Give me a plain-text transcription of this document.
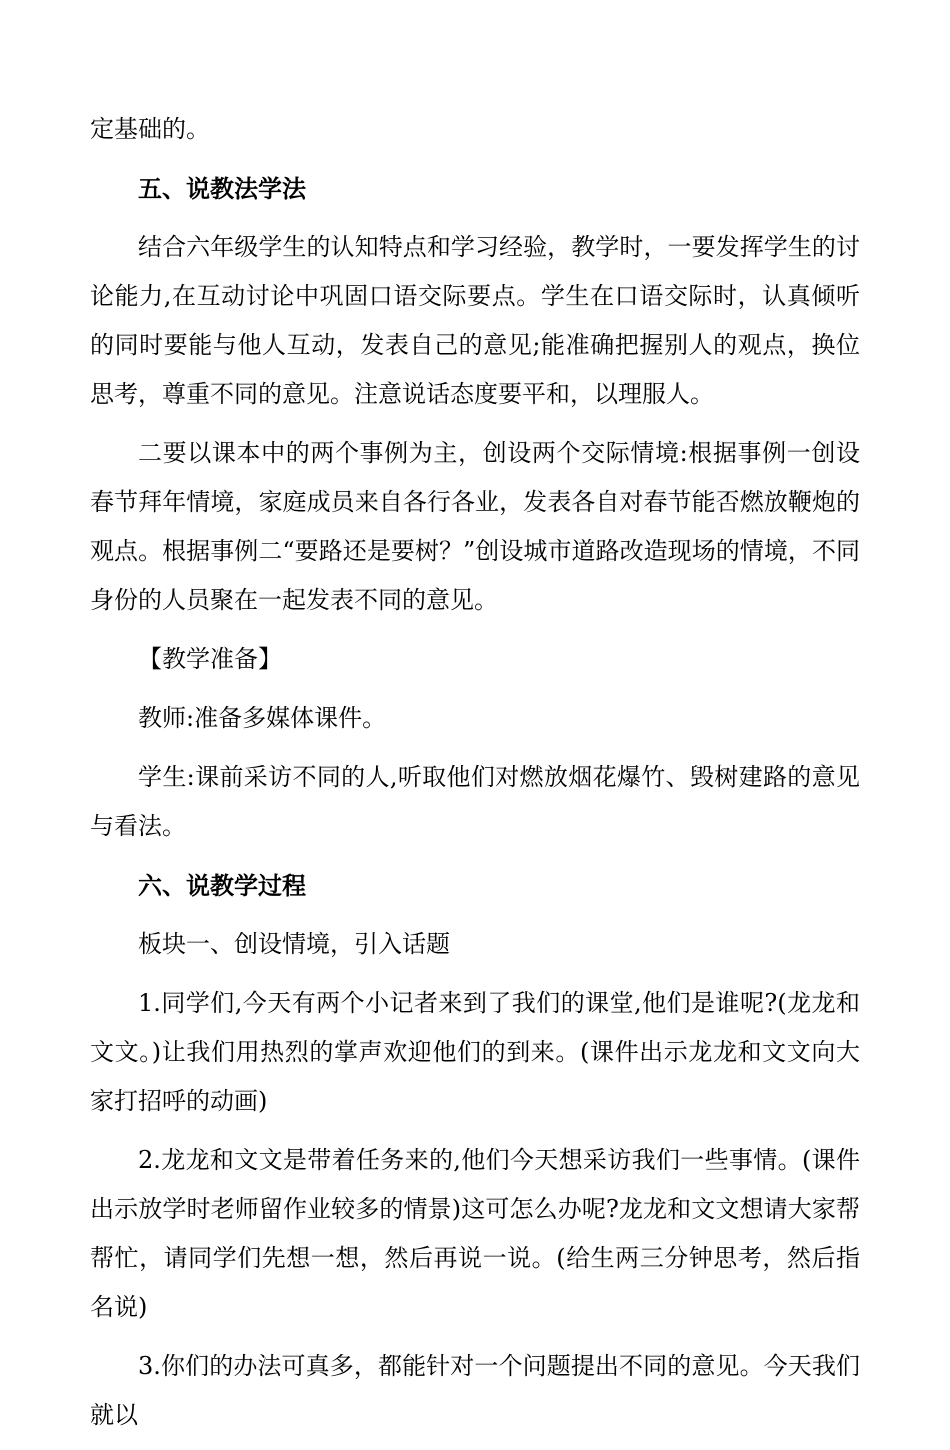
定基础的。

五、说教法学法

结合六年级学生的认知特点和学习经验，教学时，一要发挥学生的讨论能力,在互动讨论中巩固口语交际要点。学生在口语交际时，认真倾听的同时要能与他人互动，发表自己的意见;能准确把握别人的观点，换位思考，尊重不同的意见。注意说话态度要平和，以理服人。

二要以课本中的两个事例为主，创设两个交际情境:根据事例一创设春节拜年情境，家庭成员来自各行各业，发表各自对春节能否燃放鞭炮的观点。根据事例二“要路还是要树？”创设城市道路改造现场的情境，不同身份的人员聚在一起发表不同的意见。

【教学准备】

教师:准备多媒体课件。

学生:课前采访不同的人,听取他们对燃放烟花爆竹、毁树建路的意见与看法。

六、说教学过程

板块一、创设情境，引入话题

1.同学们,今天有两个小记者来到了我们的课堂,他们是谁呢?(龙龙和文文。)让我们用热烈的掌声欢迎他们的到来。(课件出示龙龙和文文向大家打招呼的动画)

2.龙龙和文文是带着任务来的,他们今天想采访我们一些事情。(课件出示放学时老师留作业较多的情景)这可怎么办呢?龙龙和文文想请大家帮帮忙，请同学们先想一想，然后再说一说。(给生两三分钟思考，然后指名说)

3.你们的办法可真多，都能针对一个问题提出不同的意见。今天我们就以
